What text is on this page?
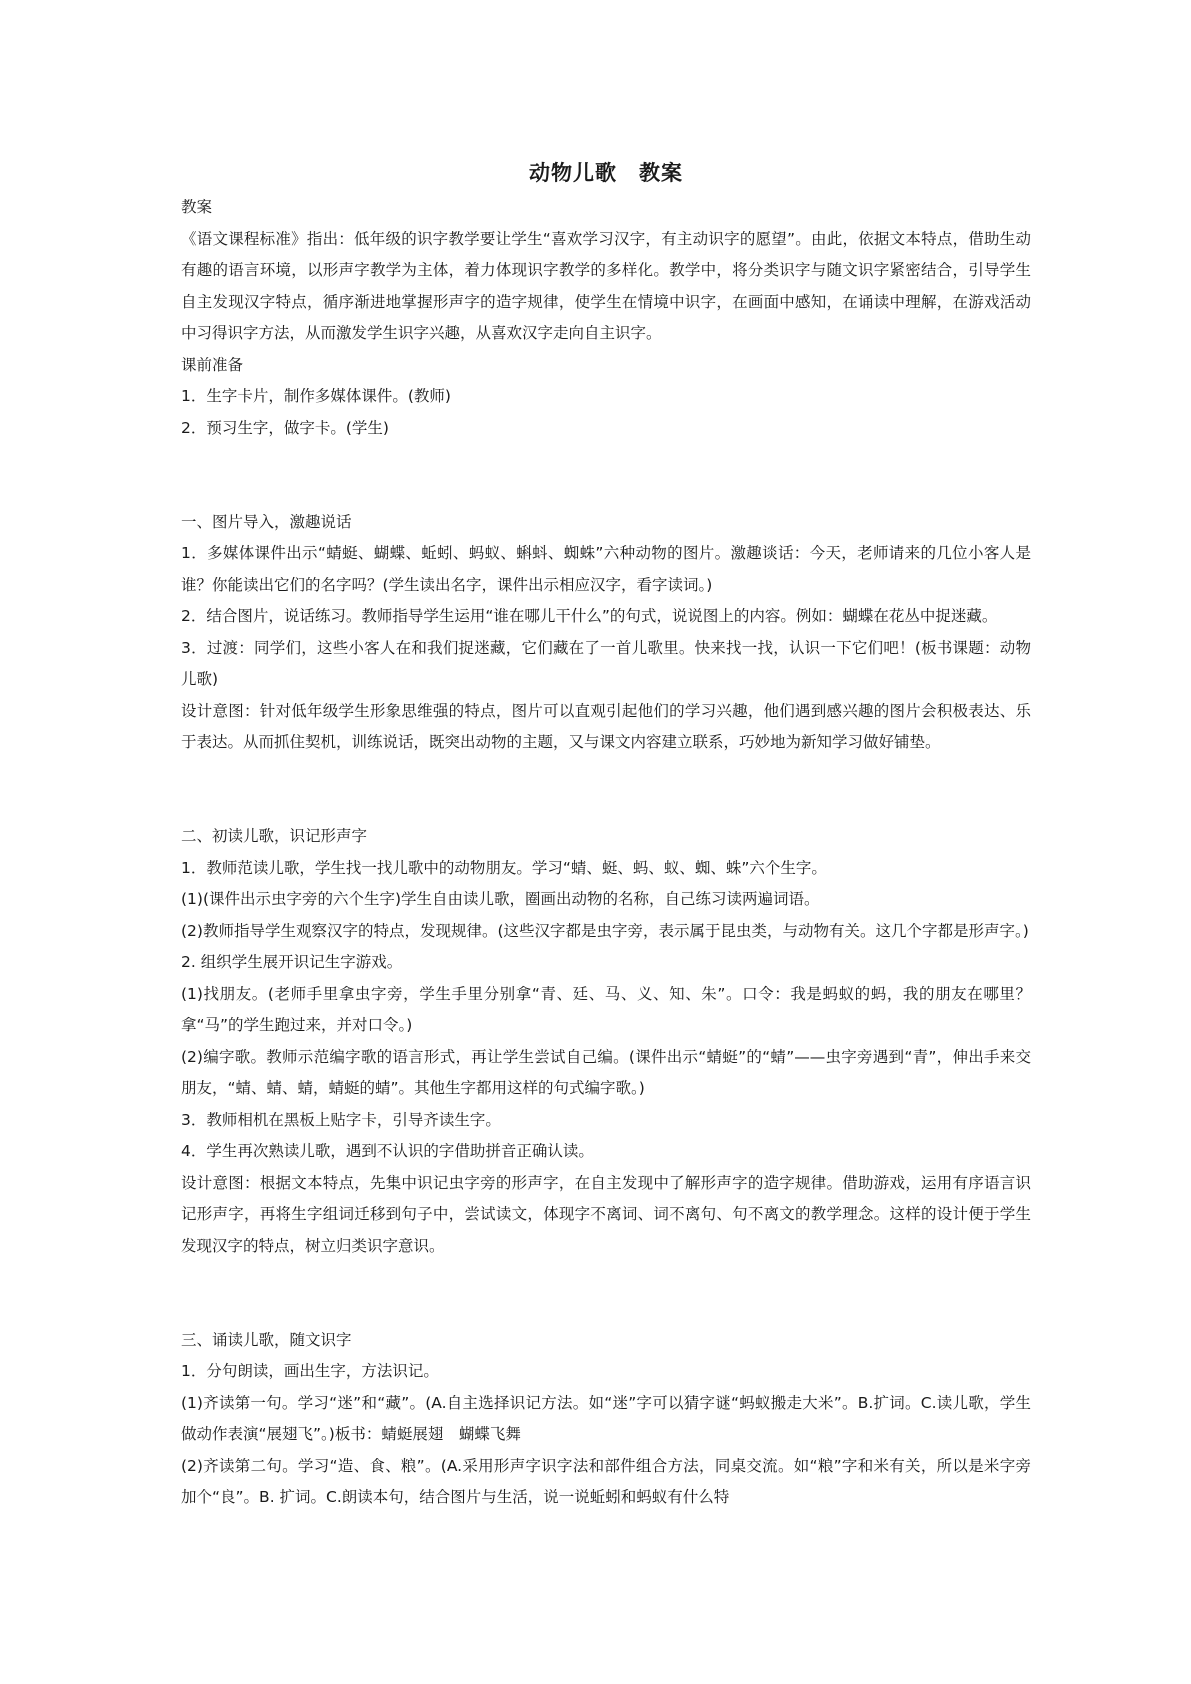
动物儿歌　教案

教案

《语文课程标准》指出：低年级的识字教学要让学生“喜欢学习汉字，有主动识字的愿望”。由此，依据文本特点，借助生动有趣的语言环境，以形声字教学为主体，着力体现识字教学的多样化。教学中，将分类识字与随文识字紧密结合，引导学生自主发现汉字特点，循序渐进地掌握形声字的造字规律，使学生在情境中识字，在画面中感知，在诵读中理解，在游戏活动中习得识字方法，从而激发学生识字兴趣，从喜欢汉字走向自主识字。

课前准备

1．生字卡片，制作多媒体课件。(教师)

2．预习生字，做字卡。(学生)

一、图片导入，激趣说话

1．多媒体课件出示“蜻蜓、蝴蝶、蚯蚓、蚂蚁、蝌蚪、蜘蛛”六种动物的图片。激趣谈话：今天，老师请来的几位小客人是谁？你能读出它们的名字吗？(学生读出名字，课件出示相应汉字，看字读词。)

2．结合图片，说话练习。教师指导学生运用“谁在哪儿干什么”的句式，说说图上的内容。例如：蝴蝶在花丛中捉迷藏。

3．过渡：同学们，这些小客人在和我们捉迷藏，它们藏在了一首儿歌里。快来找一找，认识一下它们吧！(板书课题：动物儿歌)

设计意图：针对低年级学生形象思维强的特点，图片可以直观引起他们的学习兴趣，他们遇到感兴趣的图片会积极表达、乐于表达。从而抓住契机，训练说话，既突出动物的主题，又与课文内容建立联系，巧妙地为新知学习做好铺垫。

二、初读儿歌，识记形声字

1．教师范读儿歌，学生找一找儿歌中的动物朋友。学习“蜻、蜓、蚂、蚁、蜘、蛛”六个生字。

(1)(课件出示虫字旁的六个生字)学生自由读儿歌，圈画出动物的名称，自己练习读两遍词语。

(2)教师指导学生观察汉字的特点，发现规律。(这些汉字都是虫字旁，表示属于昆虫类，与动物有关。这几个字都是形声字。)

2. 组织学生展开识记生字游戏。

(1)找朋友。(老师手里拿虫字旁，学生手里分别拿“青、廷、马、义、知、朱”。口令：我是蚂蚁的蚂，我的朋友在哪里？拿“马”的学生跑过来，并对口令。)

(2)编字歌。教师示范编字歌的语言形式，再让学生尝试自己编。(课件出示“蜻蜓”的“蜻”——虫字旁遇到“青”，伸出手来交朋友，“蜻、蜻、蜻，蜻蜓的蜻”。其他生字都用这样的句式编字歌。)

3．教师相机在黑板上贴字卡，引导齐读生字。

4．学生再次熟读儿歌，遇到不认识的字借助拼音正确认读。

设计意图：根据文本特点，先集中识记虫字旁的形声字，在自主发现中了解形声字的造字规律。借助游戏，运用有序语言识记形声字，再将生字组词迁移到句子中，尝试读文，体现字不离词、词不离句、句不离文的教学理念。这样的设计便于学生发现汉字的特点，树立归类识字意识。

三、诵读儿歌，随文识字

1．分句朗读，画出生字，方法识记。

(1)齐读第一句。学习“迷”和“藏”。(A.自主选择识记方法。如“迷”字可以猜字谜“蚂蚁搬走大米”。B.扩词。C.读儿歌，学生做动作表演“展翅飞”。)板书：蜻蜓展翅　蝴蝶飞舞

(2)齐读第二句。学习“造、食、粮”。(A.采用形声字识字法和部件组合方法，同桌交流。如“粮”字和米有关，所以是米字旁加个“良”。B. 扩词。C.朗读本句，结合图片与生活，说一说蚯蚓和蚂蚁有什么特
